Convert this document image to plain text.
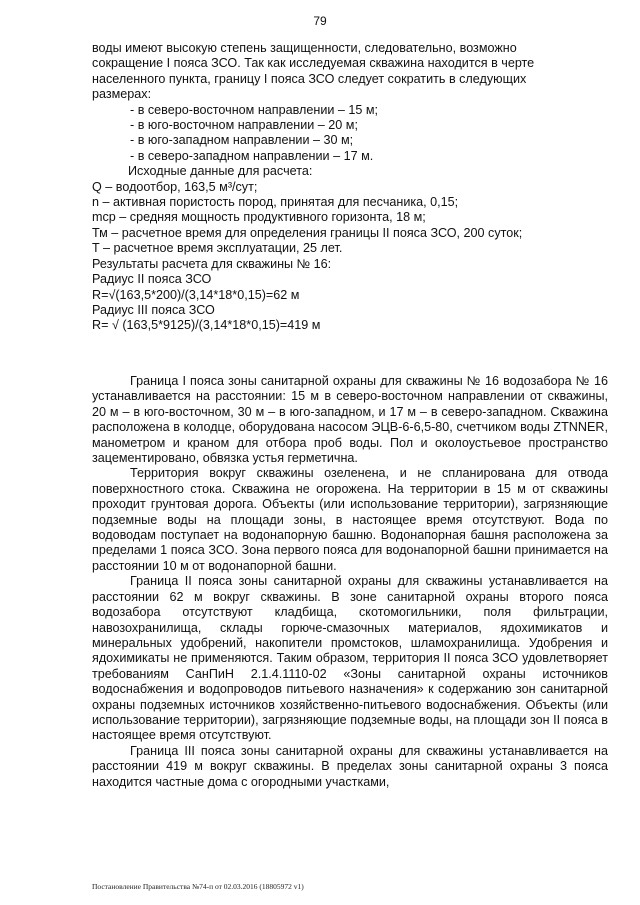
79

воды имеют высокую степень защищенности, следовательно, возможно

сокращение I пояса ЗСО. Так как исследуемая скважина находится в черте

населенного пункта, границу I пояса ЗСО следует сократить в следующих

размерах:

- в северо-восточном направлении – 15 м;

- в юго-восточном направлении – 20 м;

- в юго-западном направлении – 30 м;

- в северо-западном направлении – 17 м.

Исходные данные для расчета:

Q – водоотбор, 163,5 м³/сут;

n – активная пористость пород, принятая для песчаника, 0,15;

mcp – средняя мощность продуктивного горизонта, 18 м;

Тм – расчетное время для определения границы II пояса ЗСО, 200 суток;

T – расчетное время эксплуатации, 25 лет.

Результаты расчета для скважины № 16:

Радиус II пояса ЗСО

R=√(163,5*200)/(3,14*18*0,15)=62 м

Радиус III пояса ЗСО

R= √ (163,5*9125)/(3,14*18*0,15)=419 м

Граница I пояса зоны санитарной охраны для скважины № 16 водозабора № 16 устанавливается на расстоянии: 15 м в северо-восточном направлении от скважины, 20 м – в юго-восточном, 30 м – в юго-западном, и 17 м – в северо-западном. Скважина расположена в колодце, оборудована насосом ЭЦВ-6-6,5-80, счетчиком воды ZTNNER, манометром и краном для отбора проб воды. Пол и околоустьевое пространство зацементировано, обвязка устья герметична.

Территория вокруг скважины озеленена, и не спланирована для отвода поверхностного стока. Скважина не огорожена. На территории в 15 м от скважины проходит грунтовая дорога. Объекты (или использование территории), загрязняющие подземные воды на площади зоны, в настоящее время отсутствуют. Вода по водоводам поступает на водонапорную башню. Водонапорная башня расположена за пределами 1 пояса ЗСО. Зона первого пояса для водонапорной башни принимается на расстоянии 10 м от водонапорной башни.

Граница II пояса зоны санитарной охраны для скважины устанавливается на расстоянии 62 м вокруг скважины. В зоне санитарной охраны второго пояса водозабора отсутствуют кладбища, скотомогильники, поля фильтрации, навозохранилища, склады горюче-смазочных материалов, ядохимикатов и минеральных удобрений, накопители промстоков, шламохранилища. Удобрения и ядохимикаты не применяются. Таким образом, территория II пояса ЗСО удовлетворяет требованиям СанПиН 2.1.4.1110-02 «Зоны санитарной охраны источников водоснабжения и водопроводов питьевого назначения» к содержанию зон санитарной охраны подземных источников хозяйственно-питьевого водоснабжения. Объекты (или использование территории), загрязняющие подземные воды, на площади зон II пояса в настоящее время отсутствуют.

Граница III пояса зоны санитарной охраны для скважины устанавливается на расстоянии 419 м вокруг скважины. В пределах зоны санитарной охраны 3 пояса находится частные дома с огородными участками,

Постановление Правительства №74-п от 02.03.2016 (18805972 v1)
